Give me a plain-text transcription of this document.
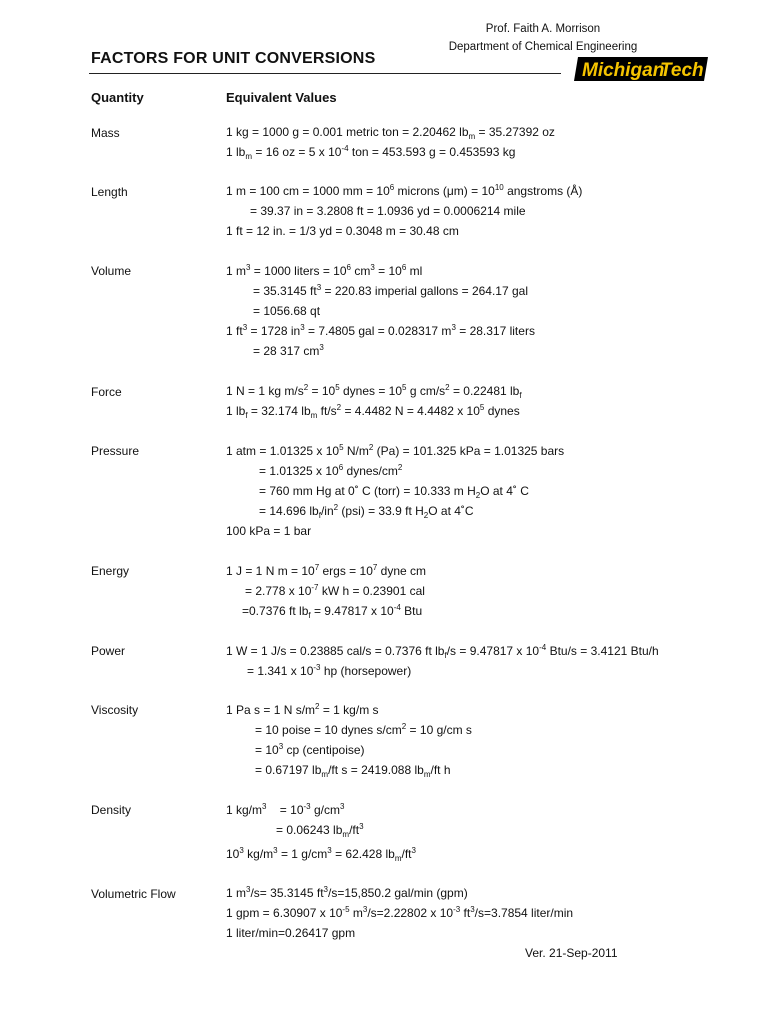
Prof. Faith A. Morrison
Department of Chemical Engineering
FACTORS FOR UNIT CONVERSIONS
Michigan
Tech
Quantity	Equivalent Values
Mass
Length
Volume
Force
Pressure
Energy
Power
Viscosity
Density
Volumetric Flow
1 kg = 1000 g = 0.001 metric ton = 2.20462 $lb_m = 35.27392$ oz
1 $lb_m = 16$ oz = 5 x $10^{-4}$ ton = 453.593 g = 0.453593 kg
1 m = 100 cm = 1000 mm = $10^6$ microns $(\mu m) = 10^{10}$ angstroms (Å)
= 39.37 in = 3.2808 ft = 1.0936 yd = 0.0006214 mile
1 ft = 12 in. = 1/3 yd = 0.3048 m = 30.48 cm
1 $m^3 = 1000$ liters = $10^6$ $cm^3 = 10^6$ ml
= 35.3145 $ft^3 = 220.83$ imperial gallons = 264.17 gal
= 1056.68 qt
1 $ft^3 = 1728$ $in^3 = 7.4805$ gal = 0.028317 $m^3 = 28.317$ liters
= 28 317 $cm^3$
1 N = 1 kg $m/s^2 = 10^5$ dynes = $10^5$ g $cm/s^2 = 0.22481$ $lb_f$
1 $lb_f = 32.174$ $lb_m$ $ft/s^2 = 4.4482$ N = 4.4482 x $10^5$ dynes
1 atm = 1.01325 x $10^5$ $N/m^2$ (Pa) = 101.325 kPa = 1.01325 bars
= 1.01325 x $10^6$ dynes/$cm^2$
= 760 mm Hg at 0˚ C (torr) = 10.333 m $H_2O$ at 4˚ C
= 14.696 $lb_f/in^2$ (psi) = 33.9 ft $H_2O$ at 4˚C
100 kPa = 1 bar
1 J = 1 N $m = 10^7$ ergs = $10^7$ dyne cm
= 2.778 x $10^{-7}$ kW h = 0.23901 cal
=0.7376 ft $lb_f = 9.47817$ x $10^{-4}$ Btu
1 W = 1 J/s = 0.23885 cal/s = 0.7376 ft $lb_f/s = 9.47817$ x $10^{-4}$ Btu/s = 3.4121 Btu/h
= 1.341 x $10^{-3}$ hp (horsepower)
1 Pa s = 1 N $s/m^2 = 1$ kg/m s
= 10 poise = 10 dynes $s/cm^2 = 10$ g/cm s
= $10^3$ cp (centipoise)
= 0.67197 $lb_m/ft$ s = 2419.088 $lb_m/ft$ h
1 $kg/m^3$    = $10^{-3}$ $g/cm^3$
= 0.06243 $lb_m/ft^3$
$10^3$ $kg/m^3 = 1$ $g/cm^3 = 62.428$ $lb_m/ft^3$
1 $m^3/s= 35.3145$ $ft^3/s=15,850.2$ gal/min (gpm)
1 gpm = 6.30907 x $10^{-5}$ $m^3/s=2.22802$ x $10^{-3}$ $ft^3/s=3.7854$ liter/min
1 liter/min=0.26417 gpm
Ver. 21-Sep-2011
